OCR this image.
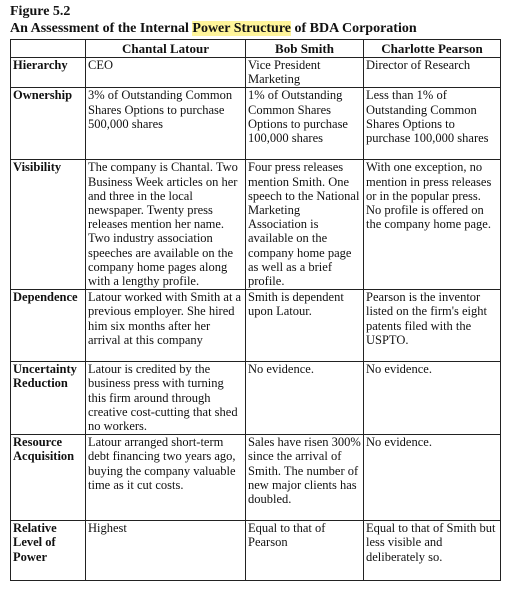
Figure 5.2
An Assessment of the Internal Power Structure of BDA Corporation
	Chantal Latour	Bob Smith	Charlotte Pearson
Hierarchy	CEO	Vice President Marketing	Director of Research
Ownership	3% of Outstanding Common Shares Options to purchase 500,000 shares	1% of Outstanding Common Shares Options to purchase 100,000 shares	Less than 1% of Outstanding Common Shares Options to purchase 100,000 shares
Visibility	The company is Chantal. Two Business Week articles on her and three in the local newspaper. Twenty press releases mention her name. Two industry association speeches are available on the company home pages along with a lengthy profile.	Four press releases mention Smith. One speech to the National Marketing Association is available on the company home page as well as a brief profile.	With one exception, no mention in press releases or in the popular press. No profile is offered on the company home page.
Dependence	Latour worked with Smith at a previous employer. She hired him six months after her arrival at this company	Smith is dependent upon Latour.	Pearson is the inventor listed on the firm's eight patents filed with the USPTO.
Uncertainty Reduction	Latour is credited by the business press with turning this firm around through creative cost-cutting that shed no workers.	No evidence.	No evidence.
Resource Acquisition	Latour arranged short-term debt financing two years ago, buying the company valuable time as it cut costs.	Sales have risen 300% since the arrival of Smith. The number of new major clients has doubled.	No evidence.
Relative Level of Power	Highest	Equal to that of Pearson	Equal to that of Smith but less visible and deliberately so.
